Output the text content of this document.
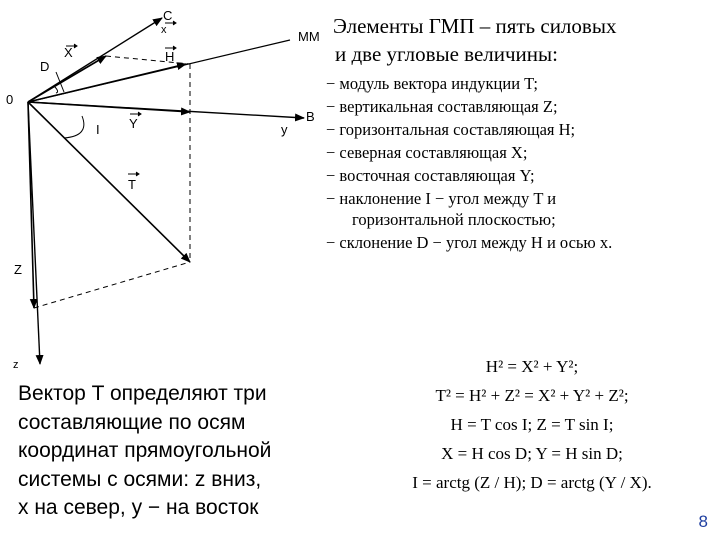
C
x	MM
H
X
D
0
I Y	y
B
T
Z
z
Элементы ГМП – пять силовых
и две угловые величины:
− модуль вектора индукции T;
− вертикальная составляющая Z;
− горизонтальная составляющая H;
− северная составляющая X;
− восточная составляющая Y;
− наклонение I − угол между T и
горизонтальной плоскостью;
− склонение D − угол между H и осью x.
Вектор T определяют три
составляющие по осям
координат прямоугольной
системы с осями: z вниз,
x на север, y − на восток
H² = X² + Y²;
T² = H² + Z² = X² + Y² + Z²;
H = T cos I; Z = T sin I;
X = H cos D; Y = H sin D;
I = arctg (Z / H); D = arctg (Y / X).
8
